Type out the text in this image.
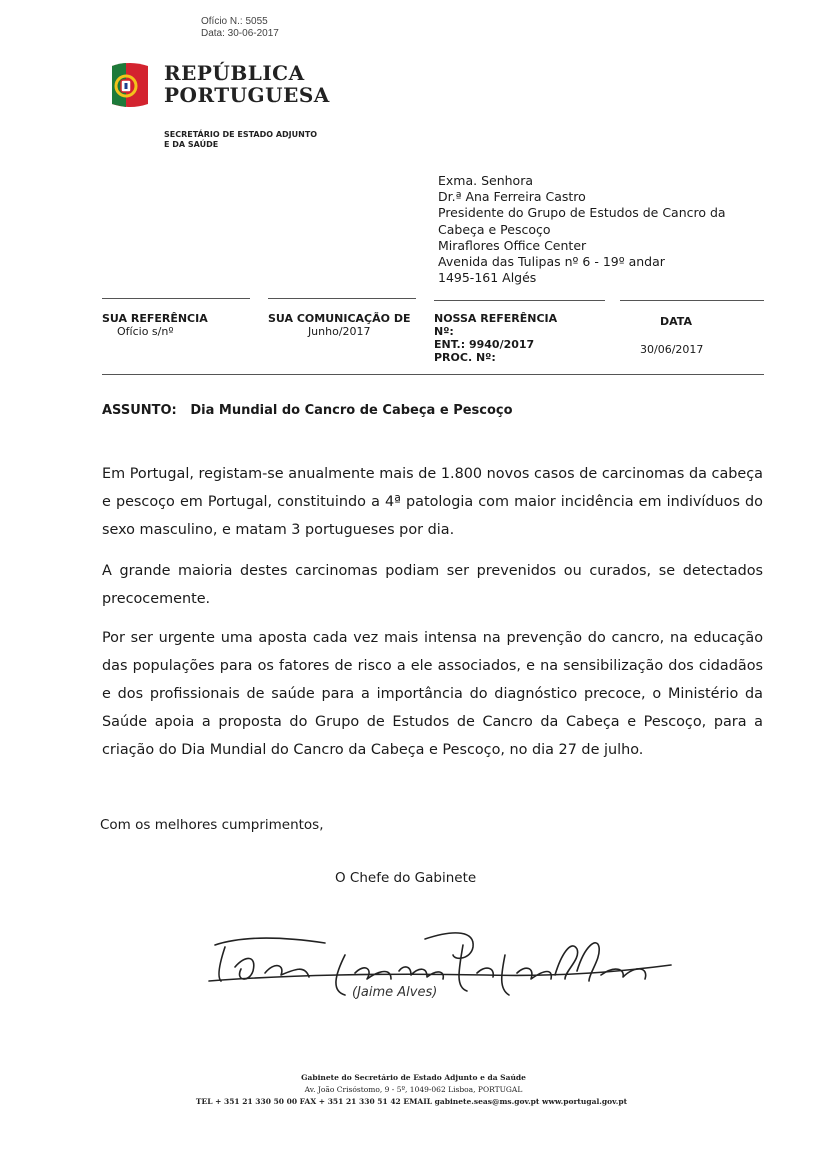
Ofício N.: 5055
Data: 30-06-2017
REPÚBLICA
PORTUGUESA
SECRETÁRIO DE ESTADO ADJUNTO
E DA SAÚDE
Exma. Senhora
Dr.ª Ana Ferreira Castro
Presidente do Grupo de Estudos de Cancro da
Cabeça e Pescoço
Miraflores Office Center
Avenida das Tulipas nº 6 - 19º andar
1495-161 Algés
SUA REFERÊNCIA
Ofício s/nº
SUA COMUNICAÇÃO DE
Junho/2017
NOSSA REFERÊNCIA
Nº:
ENT.: 9940/2017
PROC. Nº:
DATA
30/06/2017
ASSUNTO: Dia Mundial do Cancro de Cabeça e Pescoço
Em Portugal, registam-se anualmente mais de 1.800 novos casos de carcinomas da cabeça e pescoço em Portugal, constituindo a 4ª patologia com maior incidência em indivíduos do sexo masculino, e matam 3 portugueses por dia.
A grande maioria destes carcinomas podiam ser prevenidos ou curados, se detectados precocemente.
Por ser urgente uma aposta cada vez mais intensa na prevenção do cancro, na educação das populações para os fatores de risco a ele associados, e na sensibilização dos cidadãos e dos profissionais de saúde para a importância do diagnóstico precoce, o Ministério da Saúde apoia a proposta do Grupo de Estudos de Cancro da Cabeça e Pescoço, para a criação do Dia Mundial do Cancro da Cabeça e Pescoço, no dia 27 de julho.
Com os melhores cumprimentos,
O Chefe do Gabinete
(Jaime Alves)
Gabinete do Secretário de Estado Adjunto e da Saúde
Av. João Crisóstomo, 9 - 5º, 1049-062 Lisboa, PORTUGAL
TEL + 351 21 330 50 00 FAX + 351 21 330 51 42 EMAIL gabinete.seas@ms.gov.pt www.portugal.gov.pt
